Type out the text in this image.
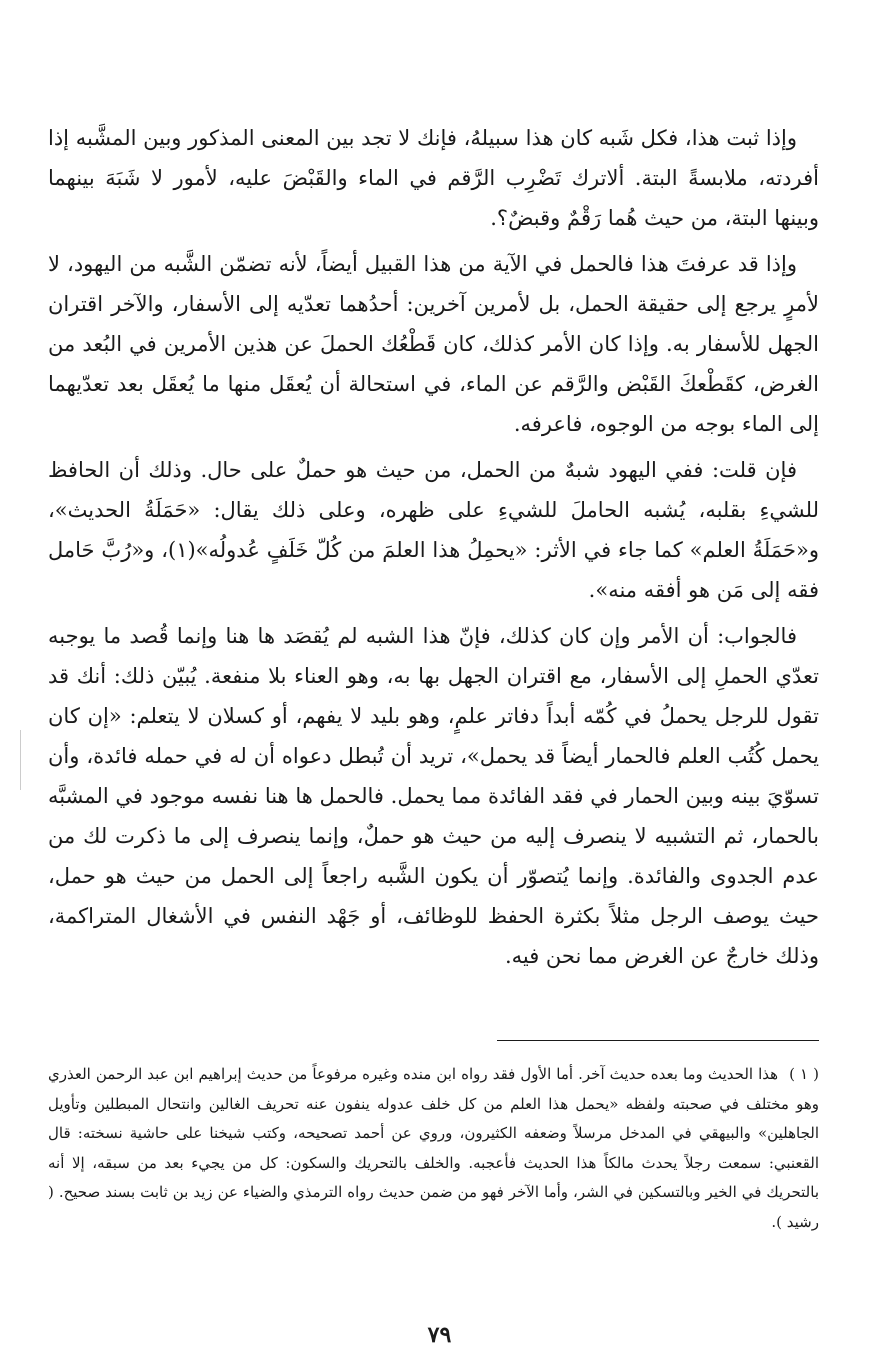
وإذا ثبت هذا، فكل شَبه كان هذا سبيلهُ، فإنك لا تجد بين المعنى المذكور وبين المشَّبه إذا أفردته، ملابسةً البتة. ألاترك تَضْرِب الرَّقم في الماء والقَبْضَ عليه، لأمور لا شَبَهَ بينهما وبينها البتة، من حيث هُما رَقْمٌ وقبضٌ؟.

وإذا قد عرفتَ هذا فالحمل في الآية من هذا القبيل أيضاً، لأنه تضمّن الشَّبه من اليهود، لا لأمرٍ يرجع إلى حقيقة الحمل، بل لأمرين آخرين: أحدُهما تعدّيه إلى الأسفار، والآخر اقتران الجهل للأسفار به. وإذا كان الأمر كذلك، كان قَطْعُك الحملَ عن هذين الأمرين في البُعد من الغرض، كقَطْعكَ القَبْض والرَّقم عن الماء، في استحالة أن يُعقَل منها ما يُعقَل بعد تعدّيهما إلى الماء بوجه من الوجوه، فاعرفه.

فإن قلت: ففي اليهود شبهٌ من الحمل، من حيث هو حملٌ على حال. وذلك أن الحافظ للشيءِ بقلبه، يُشبه الحاملَ للشيءِ على ظهره، وعلى ذلك يقال: «حَمَلَةُ الحديث»، و«حَمَلَةُ العلم» كما جاء في الأثر: «يحمِلُ هذا العلمَ من كُلّ خَلَفٍ عُدولُه»(١)، و«رُبَّ حَامل فقه إلى مَن هو أفقه منه».

فالجواب: أن الأمر وإن كان كذلك، فإنّ هذا الشبه لم يُقصَد ها هنا وإنما قُصد ما يوجبه تعدّي الحملِ إلى الأسفار، مع اقتران الجهل بها به، وهو العناء بلا منفعة. يُبيّن ذلك: أنك قد تقول للرجل يحملُ في كُمّه أبداً دفاتر علمٍ، وهو بليد لا يفهم، أو كسلان لا يتعلم: «إن كان يحمل كُتُب العلم فالحمار أيضاً قد يحمل»، تريد أن تُبطل دعواه أن له في حمله فائدة، وأن تسوّيَ بينه وبين الحمار في فقد الفائدة مما يحمل. فالحمل ها هنا نفسه موجود في المشبَّه بالحمار، ثم التشبيه لا ينصرف إليه من حيث هو حملٌ، وإنما ينصرف إلى ما ذكرت لك من عدم الجدوى والفائدة. وإنما يُتصوّر أن يكون الشَّبه راجعاً إلى الحمل من حيث هو حمل، حيث يوصف الرجل مثلاً بكثرة الحفظ للوظائف، أو جَهْد النفس في الأشغال المتراكمة، وذلك خارجٌ عن الغرض مما نحن فيه.

( ١ ) هذا الحديث وما بعده حديث آخر. أما الأول فقد رواه ابن منده وغيره مرفوعاً من حديث إبراهيم ابن عبد الرحمن العذري وهو مختلف في صحبته ولفظه «يحمل هذا العلم من كل خلف عدوله ينفون عنه تحريف الغالين وانتحال المبطلين وتأويل الجاهلين» والبيهقي في المدخل مرسلاً وضعفه الكثيرون، وروي عن أحمد تصحيحه، وكتب شيخنا على حاشية نسخته: قال القعنبي: سمعت رجلاً يحدث مالكاً هذا الحديث فأعجبه. والخلف بالتحريك والسكون: كل من يجيء بعد من سبقه، إلا أنه بالتحريك في الخير وبالتسكين في الشر، وأما الآخر فهو من ضمن حديث رواه الترمذي والضياء عن زيد بن ثابت بسند صحيح. ( رشيد ).
٧٩
